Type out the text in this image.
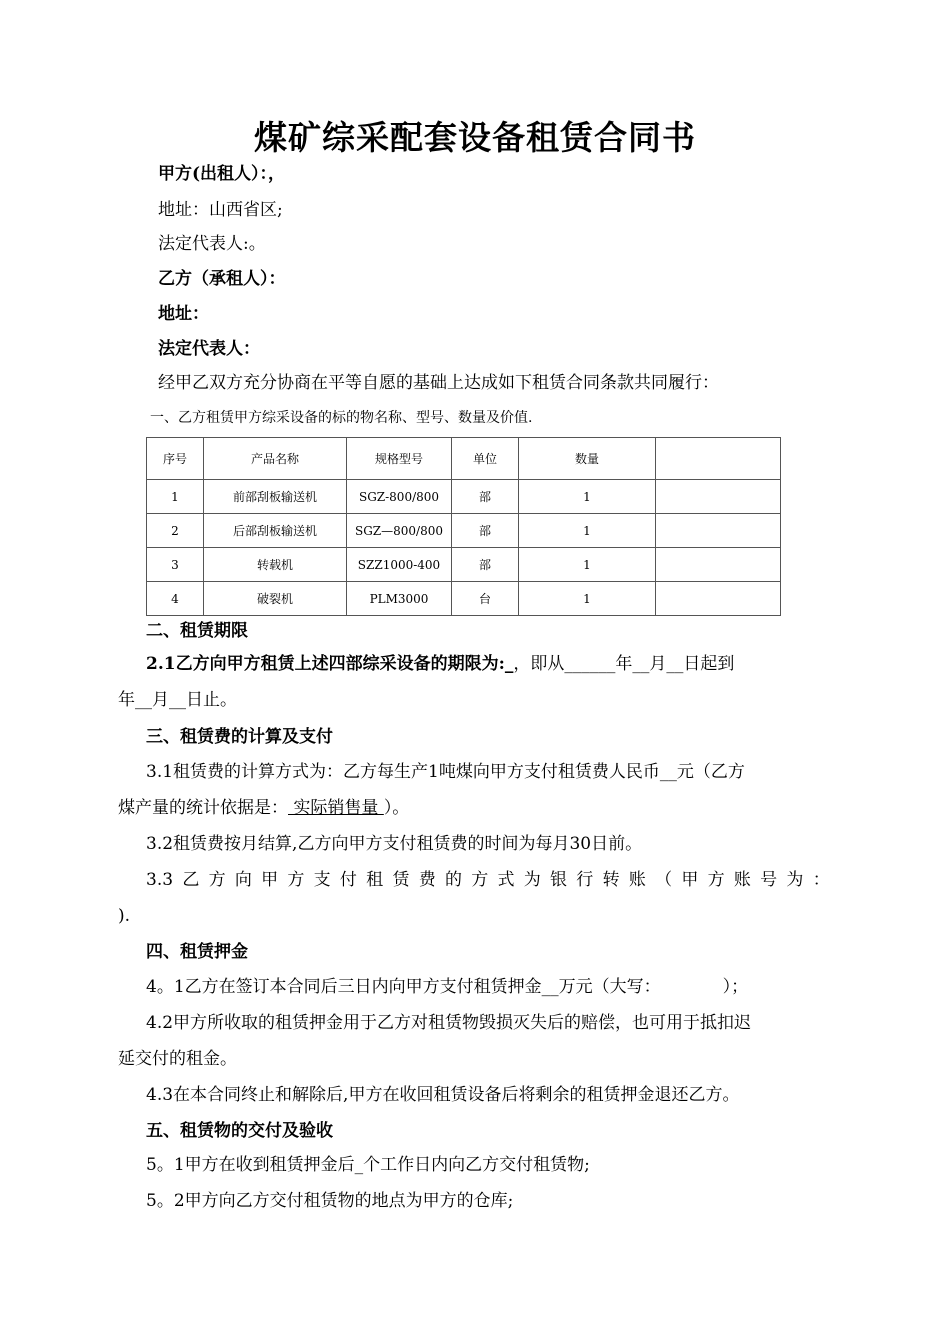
煤矿综采配套设备租赁合同书
甲方(出租人）：，
地址：山西省区;
法定代表人:。
乙方（承租人）：
地址：
法定代表人：
经甲乙双方充分协商在平等自愿的基础上达成如下租赁合同条款共同履行：
一、乙方租赁甲方综采设备的标的物名称、型号、数量及价值.
序号	产品名称	规格型号	单位	数量	
1	前部刮板输送机	SGZ-800/800	部	1	
2	后部刮板输送机	SGZ—800/800	部	1	
3	转载机	SZZ1000-400	部	1	
4	破裂机	PLM3000	台	1	
二、租赁期限
2.1乙方向甲方租赁上述四部综采设备的期限为:_，即从______年__月__日起到
年__月__日止。
三、租赁费的计算及支付
3.1租赁费的计算方式为：乙方每生产1吨煤向甲方支付租赁费人民币__元（乙方
煤产量的统计依据是： 实际销售量 ）。
3.2租赁费按月结算,乙方向甲方支付租赁费的时间为每月30日前。
3.3 乙 方 向 甲 方 支 付 租 赁 费 的 方 式 为 银 行 转 账 （ 甲 方 账 号 为 ：
).
四、租赁押金
4。1乙方在签订本合同后三日内向甲方支付租赁押金__万元（大写：	）；
4.2甲方所收取的租赁押金用于乙方对租赁物毁损灭失后的赔偿，也可用于抵扣迟
延交付的租金。
4.3在本合同终止和解除后,甲方在收回租赁设备后将剩余的租赁押金退还乙方。
五、租赁物的交付及验收
5。1甲方在收到租赁押金后_个工作日内向乙方交付租赁物;
5。2甲方向乙方交付租赁物的地点为甲方的仓库;
